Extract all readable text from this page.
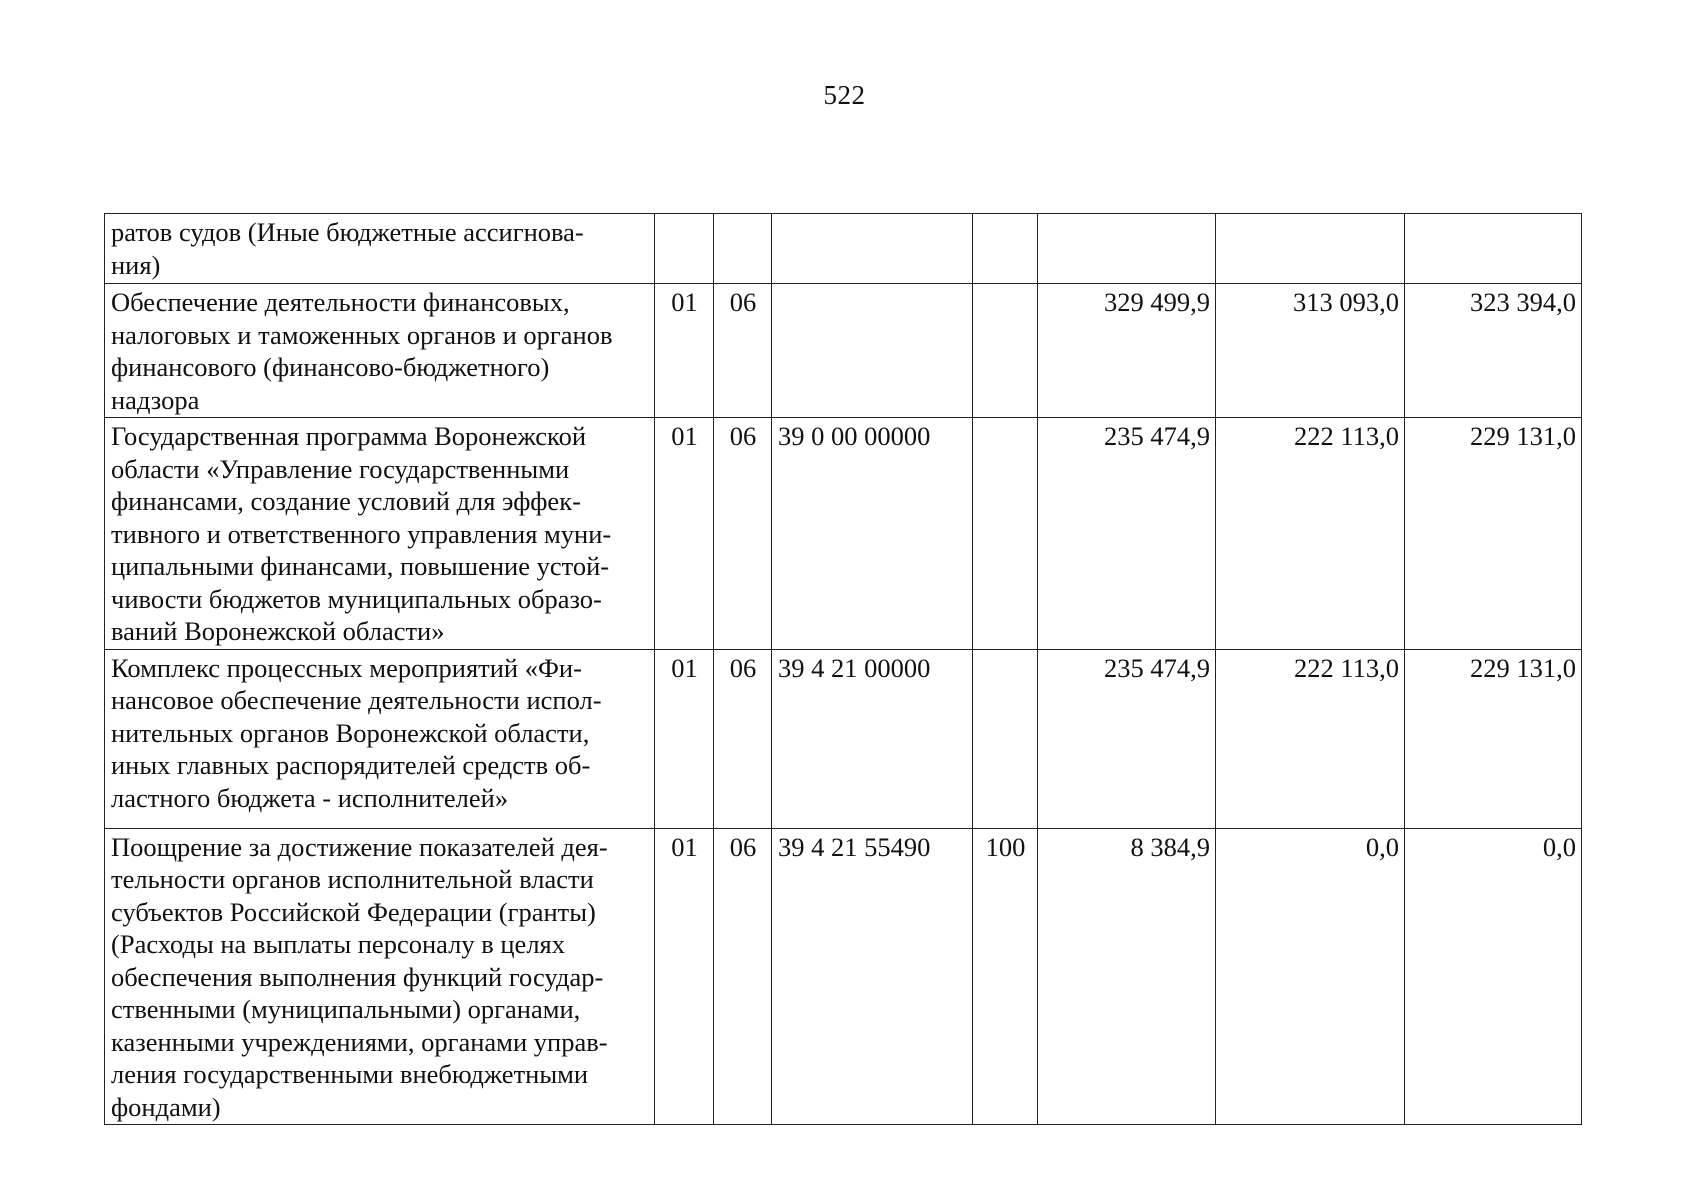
522
ратов судов (Иные бюджетные ассигнова-
ния)							

Обеспечение деятельности финансовых,
налоговых и таможенных органов и органов
финансового (финансово-бюджетного)
надзора	01	06			329 499,9	313 093,0	323 394,0

Государственная программа Воронежской
области «Управление государственными
финансами, создание условий для эффек-
тивного и ответственного управления муни-
ципальными финансами, повышение устой-
чивости бюджетов муниципальных образо-
ваний Воронежской области»
	01	06	39 0 00 00000		235 474,9	222 113,0	229 131,0

Комплекс процессных мероприятий «Фи-
нансовое обеспечение деятельности испол-
нительных органов Воронежской области,
иных главных распорядителей средств об-
ластного бюджета - исполнителей»	01	06	39 4 21 00000		235 474,9	222 113,0	229 131,0

Поощрение за достижение показателей дея-
тельности органов исполнительной власти
субъектов Российской Федерации (гранты)
(Расходы на выплаты персоналу в целях
обеспечения выполнения функций государ-
ственными (муниципальными) органами,
казенными учреждениями, органами управ-
ления государственными внебюджетными
фондами)
	01	06	39 4 21 55490	100	8 384,9	0,0	0,0
